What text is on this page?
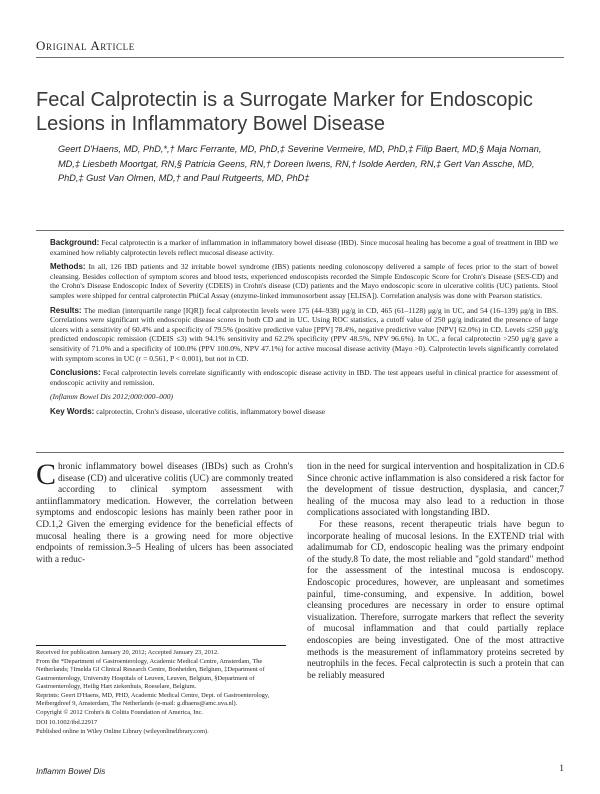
Original Article
Fecal Calprotectin is a Surrogate Marker for Endoscopic Lesions in Inflammatory Bowel Disease
Geert D'Haens, MD, PhD,*,† Marc Ferrante, MD, PhD,‡ Severine Vermeire, MD, PhD,‡ Filip Baert, MD,§ Maja Noman, MD,‡ Liesbeth Moortgat, RN,§ Patricia Geens, RN,† Doreen Iwens, RN,† Isolde Aerden, RN,‡ Gert Van Assche, MD, PhD,‡ Gust Van Olmen, MD,† and Paul Rutgeerts, MD, PhD‡

Background: Fecal calprotectin is a marker of inflammation in inflammatory bowel disease (IBD). Since mucosal healing has become a goal of treatment in IBD we examined how reliably calprotectin levels reflect mucosal disease activity.

Methods: In all, 126 IBD patients and 32 irritable bowel syndrome (IBS) patients needing colonoscopy delivered a sample of feces prior to the start of bowel cleansing. Besides collection of symptom scores and blood tests, experienced endoscopists recorded the Simple Endoscopic Score for Crohn's Disease (SES-CD) and the Crohn's Disease Endoscopic Index of Severity (CDEIS) in Crohn's disease (CD) patients and the Mayo endoscopic score in ulcerative colitis (UC) patients. Stool samples were shipped for central calprotectin PhiCal Assay (enzyme-linked immunosorbent assay [ELISA]). Correlation analysis was done with Pearson statistics.

Results: The median (interquartile range [IQR]) fecal calprotectin levels were 175 (44–938) μg/g in CD, 465 (61–1128) μg/g in UC, and 54 (16–139) μg/g in IBS. Correlations were significant with endoscopic disease scores in both CD and in UC. Using ROC statistics, a cutoff value of 250 μg/g indicated the presence of large ulcers with a sensitivity of 60.4% and a specificity of 79.5% (positive predictive value [PPV] 78.4%, negative predictive value [NPV] 62.0%) in CD. Levels ≤250 μg/g predicted endoscopic remission (CDEIS ≤3) with 94.1% sensitivity and 62.2% specificity (PPV 48.5%, NPV 96.6%). In UC, a fecal calprotectin >250 μg/g gave a sensitivity of 71.0% and a specificity of 100.0% (PPV 100.0%, NPV 47.1%) for active mucosal disease activity (Mayo >0). Calprotectin levels significantly correlated with symptom scores in UC (r = 0.561, P < 0.001), but not in CD.

Conclusions: Fecal calprotectin levels correlate significantly with endoscopic disease activity in IBD. The test appears useful in clinical practice for assessment of endoscopic activity and remission.

(Inflamm Bowel Dis 2012;000:000–000)

Key Words: calprotectin, Crohn's disease, ulcerative colitis, inflammatory bowel disease

Chronic inflammatory bowel diseases (IBDs) such as Crohn's disease (CD) and ulcerative colitis (UC) are commonly treated according to clinical symptom assessment with antiinflammatory medication. However, the correlation between symptoms and endoscopic lesions has mainly been rather poor in CD.1,2 Given the emerging evidence for the beneficial effects of mucosal healing there is a growing need for more objective endpoints of remission.3–5 Healing of ulcers has been associated with a reduc-

tion in the need for surgical intervention and hospitalization in CD.6 Since chronic active inflammation is also considered a risk factor for the development of tissue destruction, dysplasia, and cancer,7 healing of the mucosa may also lead to a reduction in those complications associated with longstanding IBD.

For these reasons, recent therapeutic trials have begun to incorporate healing of mucosal lesions. In the EXTEND trial with adalimumab for CD, endoscopic healing was the primary endpoint of the study.8 To date, the most reliable and "gold standard" method for the assessment of the intestinal mucosa is endoscopy. Endoscopic procedures, however, are unpleasant and sometimes painful, time-consuming, and expensive. In addition, bowel cleansing procedures are necessary in order to ensure optimal visualization. Therefore, surrogate markers that reflect the severity of mucosal inflammation and that could partially replace endoscopies are being investigated. One of the most attractive methods is the measurement of inflammatory proteins secreted by neutrophils in the feces. Fecal calprotectin is such a protein that can be reliably measured

Received for publication January 20, 2012; Accepted January 23, 2012.

From the *Department of Gastroenterology, Academic Medical Centre, Amsterdam, The Netherlands; †Imelda GI Clinical Research Centre, Bonheiden, Belgium, ‡Department of Gastroenterology, University Hospitals of Leuven, Leuven, Belgium, §Department of Gastroenterology, Heilig Hart ziekenhuis, Roeselare, Belgium.

Reprints: Geert D'Haens, MD, PHD, Academic Medical Centre, Dept. of Gastroenterology, Meibergdreef 9, Amsterdam, The Netherlands (e-mail: g.dhaens@amc.uva.nl).

Copyright © 2012 Crohn's & Colitis Foundation of America, Inc.

DOI 10.1002/ibd.22917

Published online in Wiley Online Library (wileyonlinelibrary.com).

Inflamm Bowel Dis	1
